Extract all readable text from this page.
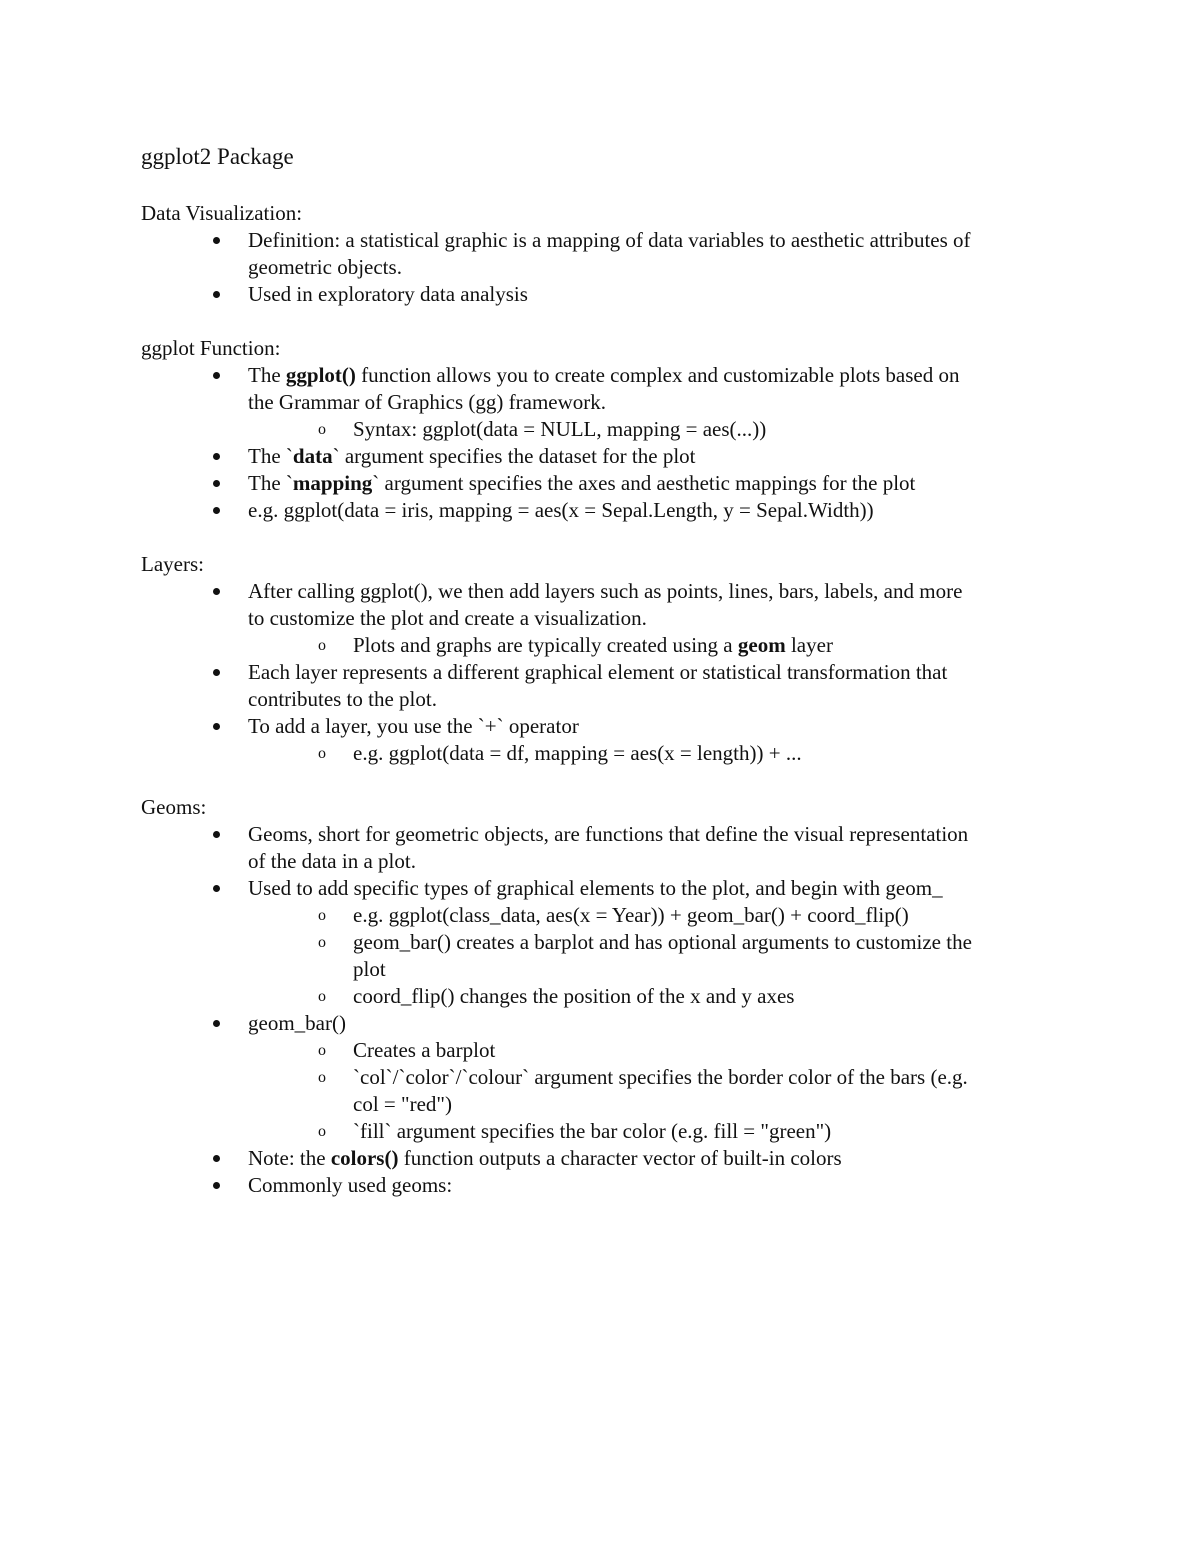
ggplot2 Package
Data Visualization:
Definition: a statistical graphic is a mapping of data variables to aesthetic attributes of
geometric objects.
Used in exploratory data analysis
ggplot Function:
The ggplot() function allows you to create complex and customizable plots based on
the Grammar of Graphics (gg) framework.
o Syntax: ggplot(data = NULL, mapping = aes(...))
The `data` argument specifies the dataset for the plot
The `mapping` argument specifies the axes and aesthetic mappings for the plot
e.g. ggplot(data = iris, mapping = aes(x = Sepal.Length, y = Sepal.Width))
Layers:
After calling ggplot(), we then add layers such as points, lines, bars, labels, and more
to customize the plot and create a visualization.
o Plots and graphs are typically created using a geom layer
Each layer represents a different graphical element or statistical transformation that
contributes to the plot.
To add a layer, you use the `+` operator
o e.g. ggplot(data = df, mapping = aes(x = length)) + ...
Geoms:
Geoms, short for geometric objects, are functions that define the visual representation
of the data in a plot.
Used to add specific types of graphical elements to the plot, and begin with geom_
o e.g. ggplot(class_data, aes(x = Year)) + geom_bar() + coord_flip()
o geom_bar() creates a barplot and has optional arguments to customize the
plot
o coord_flip() changes the position of the x and y axes
geom_bar()
o Creates a barplot
o `col`/`color`/`colour` argument specifies the border color of the bars (e.g.
col = "red")
o `fill` argument specifies the bar color (e.g. fill = "green")
Note: the colors() function outputs a character vector of built-in colors
Commonly used geoms:
